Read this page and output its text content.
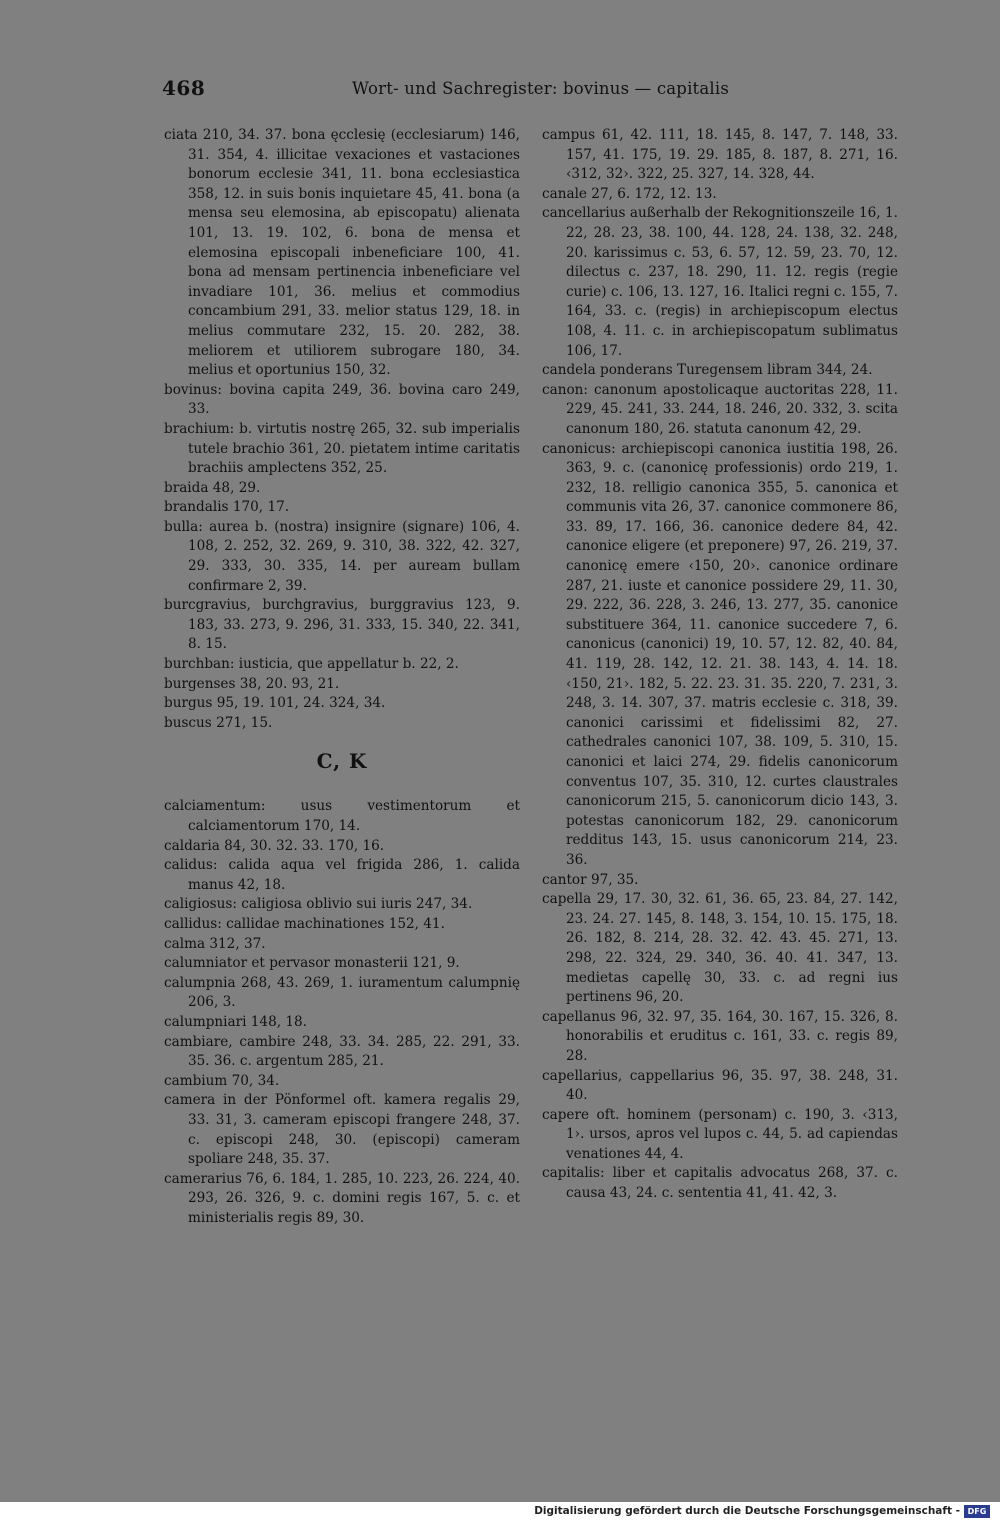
468	Wort- und Sachregister: bovinus — capitalis

ciata 210, 34. 37. bona ęcclesię (ecclesiarum) 146, 31. 354, 4. illicitae vexaciones et vastaciones bonorum ecclesie 341, 11. bona ecclesiastica 358, 12. in suis bonis inquietare 45, 41. bona (a mensa seu elemosina, ab episcopatu) alienata 101, 13. 19. 102, 6. bona de mensa et elemosina episcopali inbeneficiare 100, 41. bona ad mensam pertinencia inbeneficiare vel invadiare 101, 36. melius et commodius concambium 291, 33. melior status 129, 18. in melius commutare 232, 15. 20. 282, 38. meliorem et utiliorem subrogare 180, 34. melius et oportunius 150, 32.

bovinus: bovina capita 249, 36. bovina caro 249, 33.

brachium: b. virtutis nostrę 265, 32. sub imperialis tutele brachio 361, 20. pietatem intime caritatis brachiis amplectens 352, 25.

braida 48, 29.

brandalis 170, 17.

bulla: aurea b. (nostra) insignire (signare) 106, 4. 108, 2. 252, 32. 269, 9. 310, 38. 322, 42. 327, 29. 333, 30. 335, 14. per auream bullam confirmare 2, 39.

burcgravius, burchgravius, burggravius 123, 9. 183, 33. 273, 9. 296, 31. 333, 15. 340, 22. 341, 8. 15.

burchban: iusticia, que appellatur b. 22, 2.

burgenses 38, 20. 93, 21.

burgus 95, 19. 101, 24. 324, 34.

buscus 271, 15.

C, K

calciamentum: usus vestimentorum et calciamentorum 170, 14.

caldaria 84, 30. 32. 33. 170, 16.

calidus: calida aqua vel frigida 286, 1. calida manus 42, 18.

caligiosus: caligiosa oblivio sui iuris 247, 34.

callidus: callidae machinationes 152, 41.

calma 312, 37.

calumniator et pervasor monasterii 121, 9.

calumpnia 268, 43. 269, 1. iuramentum calumpnię 206, 3.

calumpniari 148, 18.

cambiare, cambire 248, 33. 34. 285, 22. 291, 33. 35. 36. c. argentum 285, 21.

cambium 70, 34.

camera in der Pönformel oft. kamera regalis 29, 33. 31, 3. cameram episcopi frangere 248, 37. c. episcopi 248, 30. (episcopi) cameram spoliare 248, 35. 37.

camerarius 76, 6. 184, 1. 285, 10. 223, 26. 224, 40. 293, 26. 326, 9. c. domini regis 167, 5. c. et ministerialis regis 89, 30.

campus 61, 42. 111, 18. 145, 8. 147, 7. 148, 33. 157, 41. 175, 19. 29. 185, 8. 187, 8. 271, 16. ‹312, 32›. 322, 25. 327, 14. 328, 44.

canale 27, 6. 172, 12. 13.

cancellarius außerhalb der Rekognitionszeile 16, 1. 22, 28. 23, 38. 100, 44. 128, 24. 138, 32. 248, 20. karissimus c. 53, 6. 57, 12. 59, 23. 70, 12. dilectus c. 237, 18. 290, 11. 12. regis (regie curie) c. 106, 13. 127, 16. Italici regni c. 155, 7. 164, 33. c. (regis) in archiepiscopum electus 108, 4. 11. c. in archiepiscopatum sublimatus 106, 17.

candela ponderans Turegensem libram 344, 24.

canon: canonum apostolicaque auctoritas 228, 11. 229, 45. 241, 33. 244, 18. 246, 20. 332, 3. scita canonum 180, 26. statuta canonum 42, 29.

canonicus: archiepiscopi canonica iustitia 198, 26. 363, 9. c. (canonicę professionis) ordo 219, 1. 232, 18. relligio canonica 355, 5. canonica et communis vita 26, 37. canonice commonere 86, 33. 89, 17. 166, 36. canonice dedere 84, 42. canonice eligere (et preponere) 97, 26. 219, 37. canonicę emere ‹150, 20›. canonice ordinare 287, 21. iuste et canonice possidere 29, 11. 30, 29. 222, 36. 228, 3. 246, 13. 277, 35. canonice substituere 364, 11. canonice succedere 7, 6. canonicus (canonici) 19, 10. 57, 12. 82, 40. 84, 41. 119, 28. 142, 12. 21. 38. 143, 4. 14. 18. ‹150, 21›. 182, 5. 22. 23. 31. 35. 220, 7. 231, 3. 248, 3. 14. 307, 37. matris ecclesie c. 318, 39. canonici carissimi et fidelissimi 82, 27. cathedrales canonici 107, 38. 109, 5. 310, 15. canonici et laici 274, 29. fidelis canonicorum conventus 107, 35. 310, 12. curtes claustrales canonicorum 215, 5. canonicorum dicio 143, 3. potestas canonicorum 182, 29. canonicorum redditus 143, 15. usus canonicorum 214, 23. 36.

cantor 97, 35.

capella 29, 17. 30, 32. 61, 36. 65, 23. 84, 27. 142, 23. 24. 27. 145, 8. 148, 3. 154, 10. 15. 175, 18. 26. 182, 8. 214, 28. 32. 42. 43. 45. 271, 13. 298, 22. 324, 29. 340, 36. 40. 41. 347, 13. medietas capellę 30, 33. c. ad regni ius pertinens 96, 20.

capellanus 96, 32. 97, 35. 164, 30. 167, 15. 326, 8. honorabilis et eruditus c. 161, 33. c. regis 89, 28.

capellarius, cappellarius 96, 35. 97, 38. 248, 31. 40.

capere oft. hominem (personam) c. 190, 3. ‹313, 1›. ursos, apros vel lupos c. 44, 5. ad capiendas venationes 44, 4.

capitalis: liber et capitalis advocatus 268, 37. c. causa 43, 24. c. sententia 41, 41. 42, 3.

Digitalisierung gefördert durch die Deutsche Forschungsgemeinschaft - DFG
